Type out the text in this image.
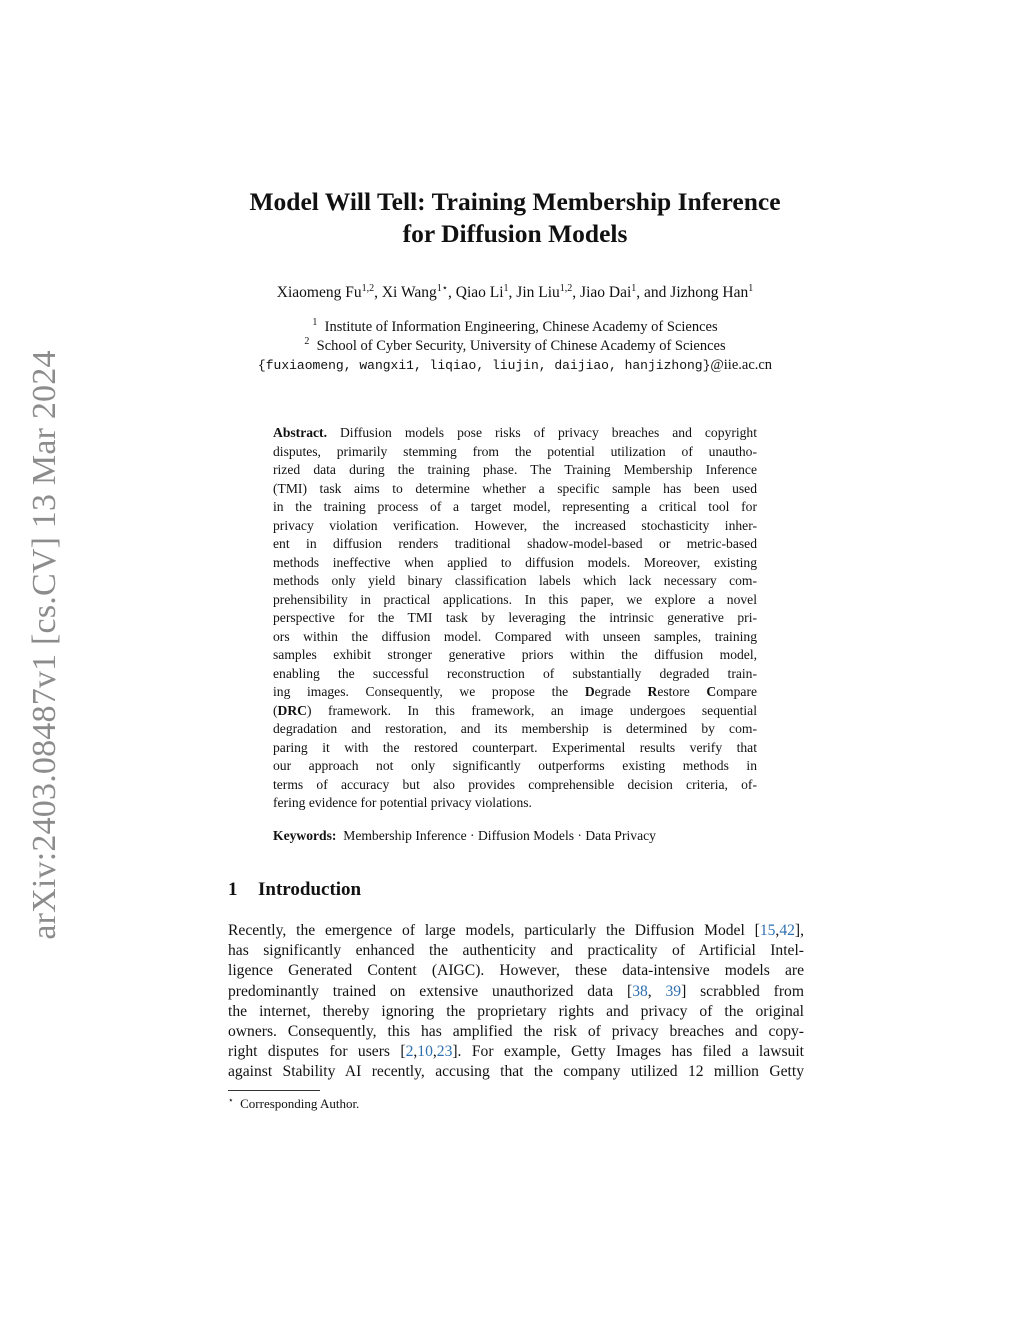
arXiv:2403.08487v1 [cs.CV] 13 Mar 2024
Model Will Tell: Training Membership Inference
for Diffusion Models
Xiaomeng Fu$^{1,2}$, Xi Wang$^{1⋆}$, Qiao Li$^1$, Jin Liu$^{1,2}$, Jiao Dai$^1$, and Jizhong Han$^1$
$^1$ Institute of Information Engineering, Chinese Academy of Sciences
$^2$ School of Cyber Security, University of Chinese Academy of Sciences
{fuxiaomeng, wangxi1, liqiao, liujin, daijiao, hanjizhong}@iie.ac.cn
Abstract. Diffusion models pose risks of privacy breaches and copyright
disputes, primarily stemming from the potential utilization of unautho-
rized data during the training phase. The Training Membership Inference
(TMI) task aims to determine whether a specific sample has been used
in the training process of a target model, representing a critical tool for
privacy violation verification. However, the increased stochasticity inher-
ent in diffusion renders traditional shadow-model-based or metric-based
methods ineffective when applied to diffusion models. Moreover, existing
methods only yield binary classification labels which lack necessary com-
prehensibility in practical applications. In this paper, we explore a novel
perspective for the TMI task by leveraging the intrinsic generative pri-
ors within the diffusion model. Compared with unseen samples, training
samples exhibit stronger generative priors within the diffusion model,
enabling the successful reconstruction of substantially degraded train-
ing images. Consequently, we propose the Degrade Restore Compare
(DRC) framework. In this framework, an image undergoes sequential
degradation and restoration, and its membership is determined by com-
paring it with the restored counterpart. Experimental results verify that
our approach not only significantly outperforms existing methods in
terms of accuracy but also provides comprehensible decision criteria, of-
fering evidence for potential privacy violations.
Keywords: Membership Inference · Diffusion Models · Data Privacy
1 Introduction
Recently, the emergence of large models, particularly the Diffusion Model [15,42],
has significantly enhanced the authenticity and practicality of Artificial Intel-
ligence Generated Content (AIGC). However, these data-intensive models are
predominantly trained on extensive unauthorized data [38, 39] scrabbled from
the internet, thereby ignoring the proprietary rights and privacy of the original
owners. Consequently, this has amplified the risk of privacy breaches and copy-
right disputes for users [2,10,23]. For example, Getty Images has filed a lawsuit
against Stability AI recently, accusing that the company utilized 12 million Getty
⋆ Corresponding Author.
